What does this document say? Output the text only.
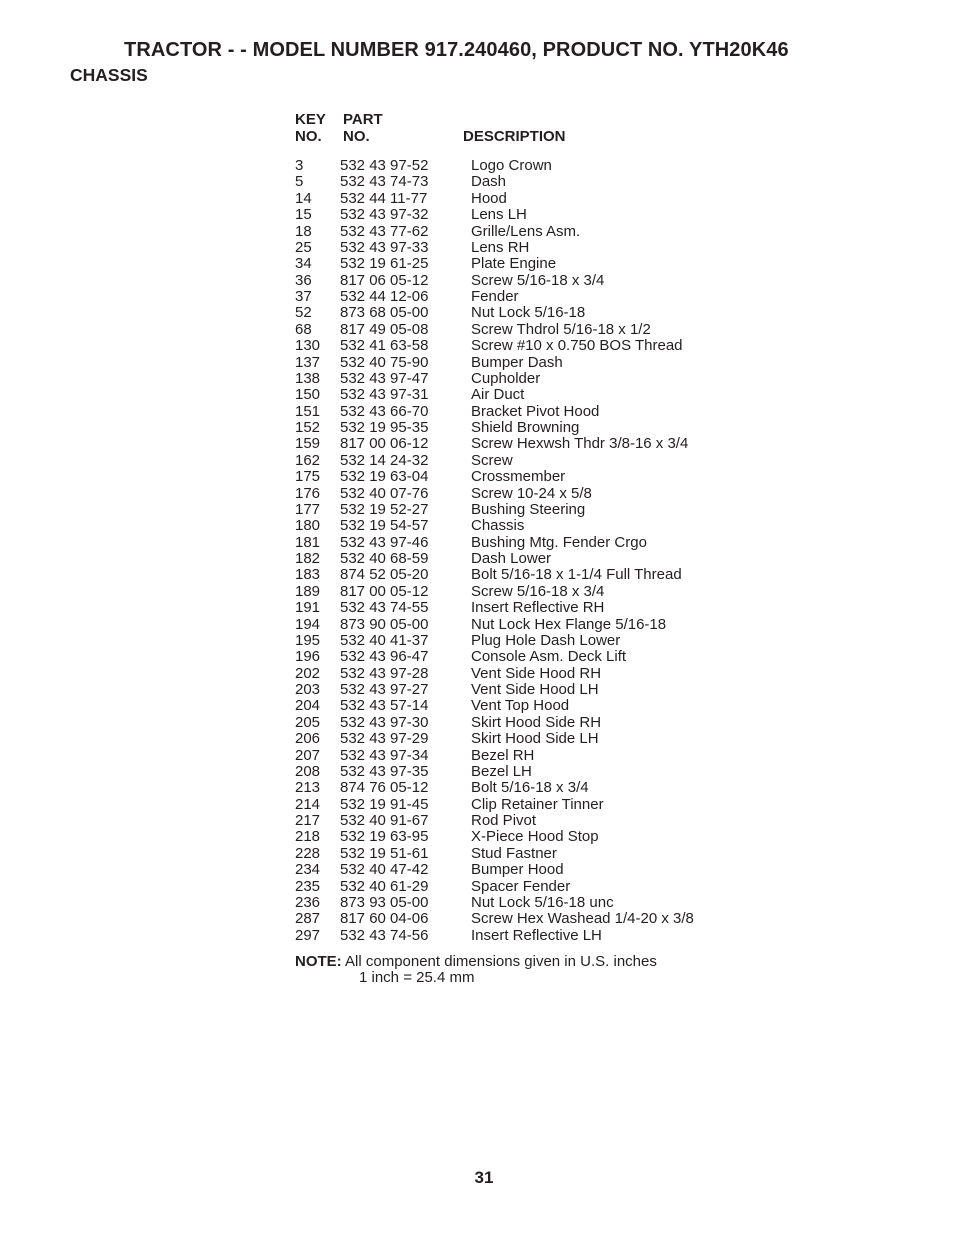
TRACTOR - - MODEL NUMBER 917.240460, PRODUCT NO. YTH20K46
CHASSIS
KEY
NO.
PART
NO.	DESCRIPTION
3 532 43 97-52	Logo Crown
5 532 43 74-73	Dash
14 532 44 11-77	Hood
15 532 43 97-32	Lens LH
18 532 43 77-62	Grille/Lens Asm.
25 532 43 97-33	Lens RH
34 532 19 61-25	Plate Engine
36 817 06 05-12	Screw 5/16-18 x 3/4
37 532 44 12-06	Fender
52 873 68 05-00	Nut Lock 5/16-18
68 817 49 05-08	Screw Thdrol 5/16-18 x 1/2
130 532 41 63-58	Screw #10 x 0.750 BOS Thread
137 532 40 75-90	Bumper Dash
138 532 43 97-47	Cupholder
150 532 43 97-31	Air Duct
151 532 43 66-70	Bracket Pivot Hood
152 532 19 95-35	Shield Browning
159 817 00 06-12	Screw Hexwsh Thdr 3/8-16 x 3/4
162 532 14 24-32	Screw
175 532 19 63-04	Crossmember
176 532 40 07-76	Screw 10-24 x 5/8
177 532 19 52-27	Bushing Steering
180 532 19 54-57	Chassis
181 532 43 97-46	Bushing Mtg. Fender Crgo
182 532 40 68-59	Dash Lower
183 874 52 05-20	Bolt 5/16-18 x 1-1/4 Full Thread
189 817 00 05-12	Screw 5/16-18 x 3/4
191 532 43 74-55	Insert Reflective RH
194 873 90 05-00	Nut Lock Hex Flange 5/16-18
195 532 40 41-37	Plug Hole Dash Lower
196 532 43 96-47	Console Asm. Deck Lift
202 532 43 97-28	Vent Side Hood RH
203 532 43 97-27	Vent Side Hood LH
204 532 43 57-14	Vent Top Hood
205 532 43 97-30	Skirt Hood Side RH
206 532 43 97-29	Skirt Hood Side LH
207 532 43 97-34	Bezel RH
208 532 43 97-35	Bezel LH
213 874 76 05-12	Bolt 5/16-18 x 3/4
214 532 19 91-45	Clip Retainer Tinner
217 532 40 91-67	Rod Pivot
218 532 19 63-95	X-Piece Hood Stop
228 532 19 51-61	Stud Fastner
234 532 40 47-42	Bumper Hood
235 532 40 61-29	Spacer Fender
236 873 93 05-00	Nut Lock 5/16-18 unc
287 817 60 04-06	Screw Hex Washead 1/4-20 x 3/8
297 532 43 74-56	Insert Reflective LH
NOTE: All component dimensions given in U.S. inches
1 inch = 25.4 mm
31
